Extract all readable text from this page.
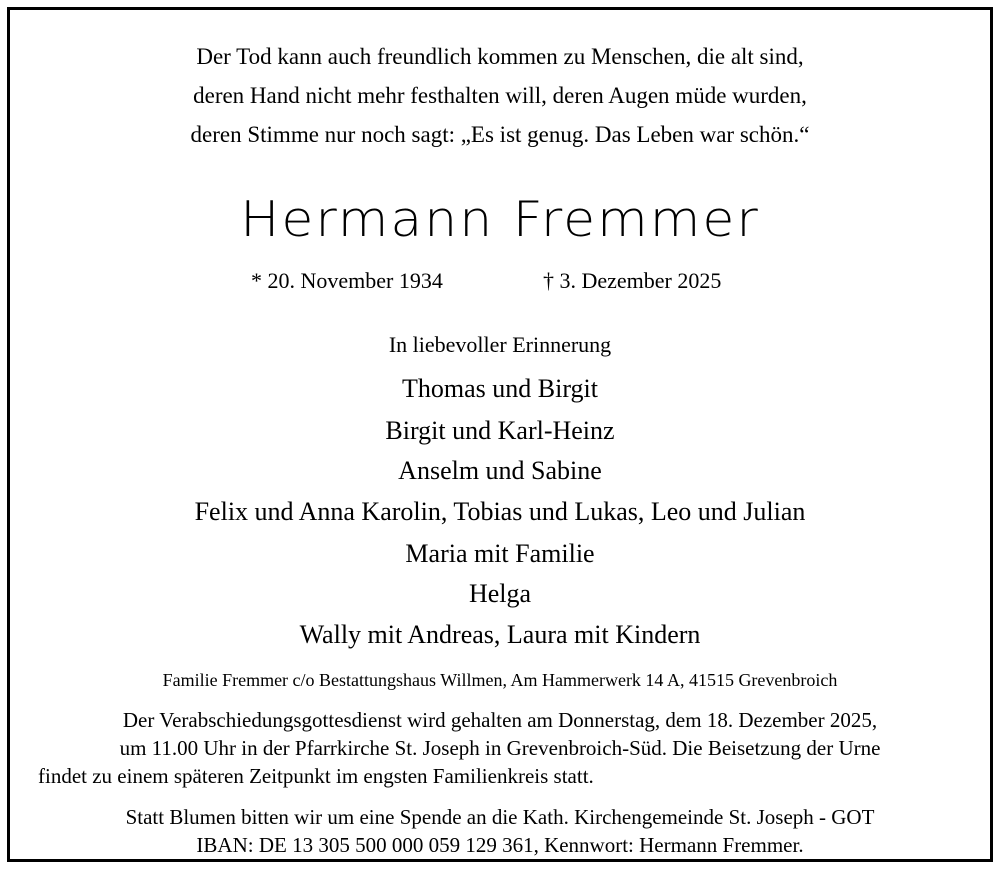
Der Tod kann auch freundlich kommen zu Menschen, die alt sind,
deren Hand nicht mehr festhalten will, deren Augen müde wurden,
deren Stimme nur noch sagt: „Es ist genug. Das Leben war schön.“
Hermann Fremmer
* 20. November 1934	† 3. Dezember 2025
In liebevoller Erinnerung
Thomas und Birgit
Birgit und Karl-Heinz
Anselm und Sabine
Felix und Anna Karolin, Tobias und Lukas, Leo und Julian
Maria mit Familie
Helga
Wally mit Andreas, Laura mit Kindern
Familie Fremmer c/o Bestattungshaus Willmen, Am Hammerwerk 14 A, 41515 Grevenbroich
Der Verabschiedungsgottesdienst wird gehalten am Donnerstag, dem 18. Dezember 2025,
um 11.00 Uhr in der Pfarrkirche St. Joseph in Grevenbroich-Süd. Die Beisetzung der Urne
findet zu einem späteren Zeitpunkt im engsten Familienkreis statt.
Statt Blumen bitten wir um eine Spende an die Kath. Kirchengemeinde St. Joseph - GOT
IBAN: DE 13 305 500 000 059 129 361, Kennwort: Hermann Fremmer.
